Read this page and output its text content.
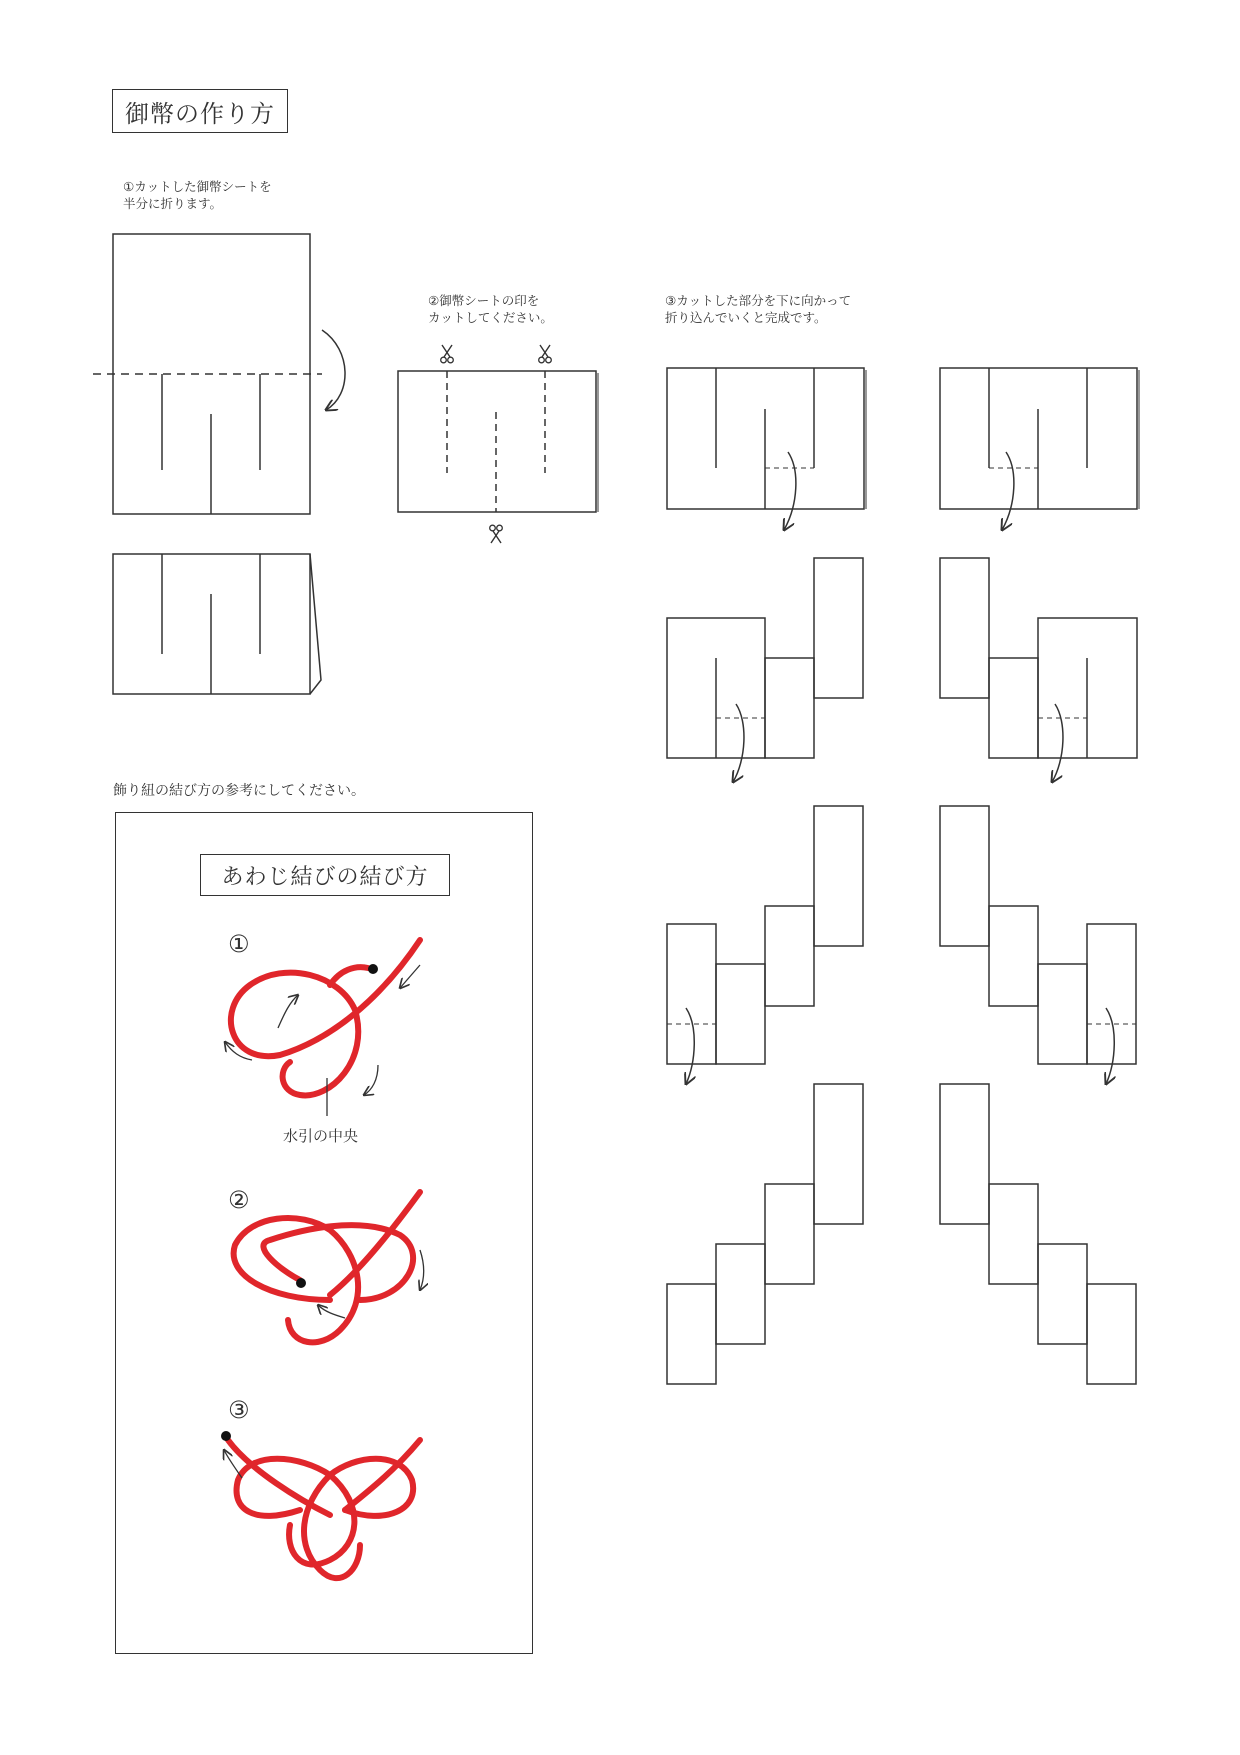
御幣の作り方
①カットした御幣シートを
半分に折ります。
②御幣シートの印を
カットしてください。
③カットした部分を下に向かって
折り込んでいくと完成です。
飾り紐の結び方の参考にしてください。
あわじ結びの結び方
①
②
③
水引の中央
